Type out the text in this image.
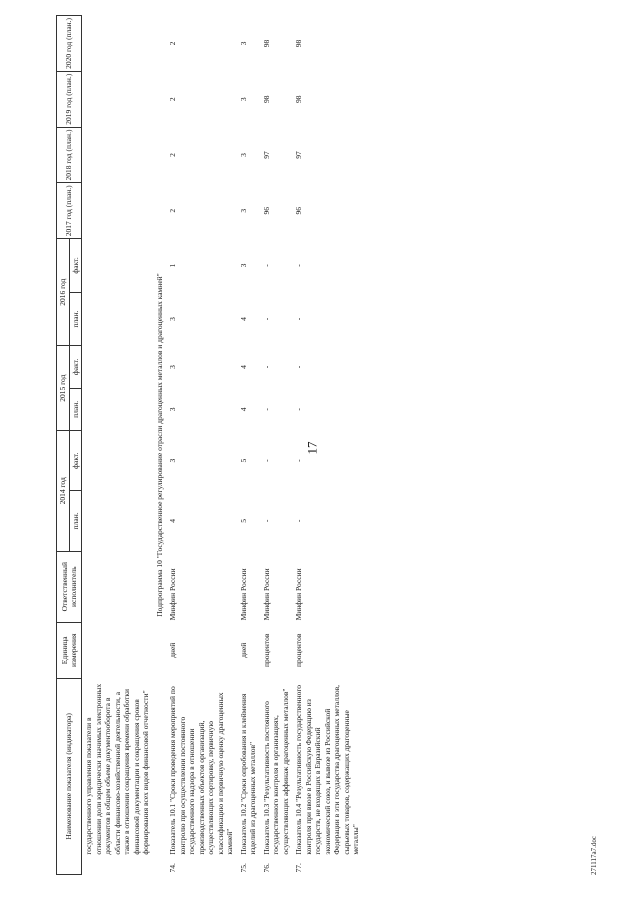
17
Наименование показателя (индикатора)		Единица измерения	Ответственный исполнитель	2014 год		2015 год		2016 год		2017 год (план.)	2018 год (план.)	2019 год (план.)	2020 год (план.)
				план.	факт.	план.	факт.	план.	факт.				
	государственного управления показатели в отношении доли юридически значимых электронных документов в общем объеме документооборота в области финансово-хозяйственной деятельности, а также в отношении сокращения времени обработки финансовой документации и сокращения сроков формирования всех видов финансовой отчетности"												
Подпрограмма 10 "Государственное регулирование отрасли драгоценных металлов и драгоценных камней"													
74.	Показатель 10.1 "Сроки проведения мероприятий по контролю при осуществлении постоянного государственного надзора в отношении производственных объектов организаций, осуществляющих сортировку, первичную классификацию и первичную оценку драгоценных камней"	дней	Минфин России	4	3	3	3	3	1	2	2	2	2
75.	Показатель 10.2 "Сроки опробования и клеймения изделий из драгоценных металлов"	дней	Минфин России	5	5	4	4	4	3	3	3	3	3
76.	Показатель 10.3 "Результативность постоянного государственного контроля в организациях, осуществляющих аффинаж драгоценных металлов"	процентов	Минфин России	-	-	-	-	-	-	96	97	98	98
77.	Показатель 10.4 "Результативность государственного контроля при ввозе в Российскую Федерацию из государств, не входящих в Евразийский экономический союз, и вывозе из Российской Федерации в эти государства драгоценных металлов, сырьевых товаров, содержащих драгоценные металлы"	процентов	Минфин России	-	-	-	-	-	-	96	97	98	98
271117a7.doc
